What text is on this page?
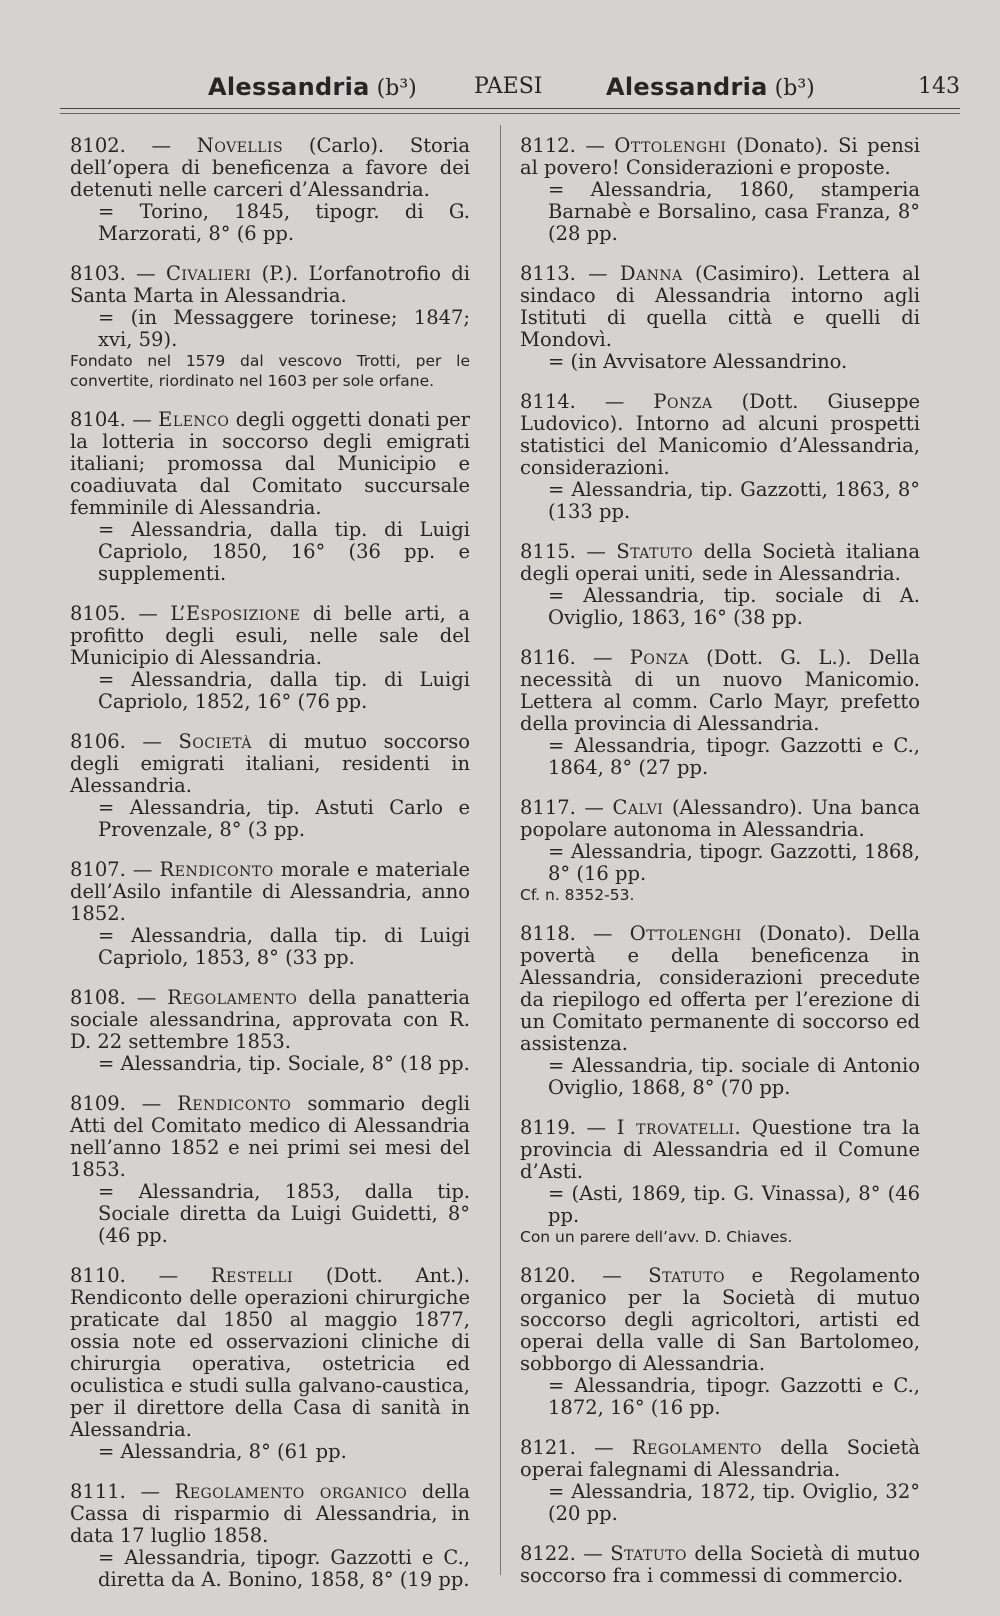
Alessandria (b³)	PAESI	Alessandria (b³)	143

8102. — Novellis (Carlo). Storia dell’opera di beneficenza a favore dei detenuti nelle carceri d’Alessandria.

= Torino, 1845, tipogr. di G. Marzorati, 8° (6 pp.

8103. — Civalieri (P.). L’orfanotrofio di Santa Marta in Alessandria.

= (in Messaggere torinese; 1847; xvi, 59).

Fondato nel 1579 dal vescovo Trotti, per le convertite, riordinato nel 1603 per sole orfane.

8104. — Elenco degli oggetti donati per la lotteria in soccorso degli emigrati italiani; promossa dal Municipio e coadiuvata dal Comitato succursale femminile di Alessandria.

= Alessandria, dalla tip. di Luigi Capriolo, 1850, 16° (36 pp. e supplementi.

8105. — L’Esposizione di belle arti, a profitto degli esuli, nelle sale del Municipio di Alessandria.

= Alessandria, dalla tip. di Luigi Capriolo, 1852, 16° (76 pp.

8106. — Società di mutuo soccorso degli emigrati italiani, residenti in Alessandria.

= Alessandria, tip. Astuti Carlo e Provenzale, 8° (3 pp.

8107. — Rendiconto morale e materiale dell’Asilo infantile di Alessandria, anno 1852.

= Alessandria, dalla tip. di Luigi Capriolo, 1853, 8° (33 pp.

8108. — Regolamento della panatteria sociale alessandrina, approvata con R. D. 22 settembre 1853.

= Alessandria, tip. Sociale, 8° (18 pp.

8109. — Rendiconto sommario degli Atti del Comitato medico di Alessandria nell’anno 1852 e nei primi sei mesi del 1853.

= Alessandria, 1853, dalla tip. Sociale diretta da Luigi Guidetti, 8° (46 pp.

8110. — Restelli (Dott. Ant.). Rendiconto delle operazioni chirurgiche praticate dal 1850 al maggio 1877, ossia note ed osservazioni cliniche di chirurgia operativa, ostetricia ed oculistica e studi sulla galvano-caustica, per il direttore della Casa di sanità in Alessandria.

= Alessandria, 8° (61 pp.

8111. — Regolamento organico della Cassa di risparmio di Alessandria, in data 17 luglio 1858.

= Alessandria, tipogr. Gazzotti e C., diretta da A. Bonino, 1858, 8° (19 pp.

8112. — Ottolenghi (Donato). Si pensi al povero! Considerazioni e proposte.

= Alessandria, 1860, stamperia Barnabè e Borsalino, casa Franza, 8° (28 pp.

8113. — Danna (Casimiro). Lettera al sindaco di Alessandria intorno agli Istituti di quella città e quelli di Mondovì.

= (in Avvisatore Alessandrino.

8114. — Ponza (Dott. Giuseppe Ludovico). Intorno ad alcuni prospetti statistici del Manicomio d’Alessandria, considerazioni.

= Alessandria, tip. Gazzotti, 1863, 8° (133 pp.

8115. — Statuto della Società italiana degli operai uniti, sede in Alessandria.

= Alessandria, tip. sociale di A. Oviglio, 1863, 16° (38 pp.

8116. — Ponza (Dott. G. L.). Della necessità di un nuovo Manicomio. Lettera al comm. Carlo Mayr, prefetto della provincia di Alessandria.

= Alessandria, tipogr. Gazzotti e C., 1864, 8° (27 pp.

8117. — Calvi (Alessandro). Una banca popolare autonoma in Alessandria.

= Alessandria, tipogr. Gazzotti, 1868, 8° (16 pp.

Cf. n. 8352-53.

8118. — Ottolenghi (Donato). Della povertà e della beneficenza in Alessandria, considerazioni precedute da riepilogo ed offerta per l’erezione di un Comitato permanente di soccorso ed assistenza.

= Alessandria, tip. sociale di Antonio Oviglio, 1868, 8° (70 pp.

8119. — I trovatelli. Questione tra la provincia di Alessandria ed il Comune d’Asti.

= (Asti, 1869, tip. G. Vinassa), 8° (46 pp.

Con un parere dell’avv. D. Chiaves.

8120. — Statuto e Regolamento organico per la Società di mutuo soccorso degli agricoltori, artisti ed operai della valle di San Bartolomeo, sobborgo di Alessandria.

= Alessandria, tipogr. Gazzotti e C., 1872, 16° (16 pp.

8121. — Regolamento della Società operai falegnami di Alessandria.

= Alessandria, 1872, tip. Oviglio, 32° (20 pp.

8122. — Statuto della Società di mutuo soccorso fra i commessi di commercio.
